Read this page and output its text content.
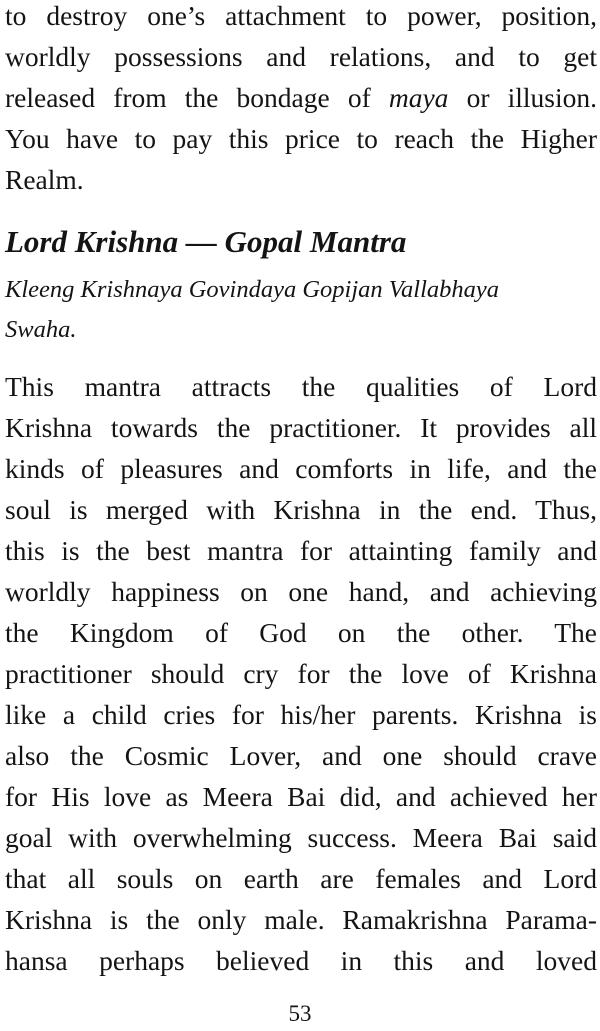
to destroy one’s attachment to power, position,
worldly possessions and relations, and to get
released from the bondage of maya or illusion.
You have to pay this price to reach the Higher
Realm.
Lord Krishna — Gopal Mantra
Kleeng Krishnaya Govindaya Gopijan Vallabhaya
Swaha.
This mantra attracts the qualities of Lord
Krishna towards the practitioner. It provides all
kinds of pleasures and comforts in life, and the
soul is merged with Krishna in the end. Thus,
this is the best mantra for attainting family and
worldly happiness on one hand, and achieving
the Kingdom of God on the other. The
practitioner should cry for the love of Krishna
like a child cries for his/her parents. Krishna is
also the Cosmic Lover, and one should crave
for His love as Meera Bai did, and achieved her
goal with overwhelming success. Meera Bai said
that all souls on earth are females and Lord
Krishna is the only male. Ramakrishna Parama-
hansa perhaps believed in this and loved
53
